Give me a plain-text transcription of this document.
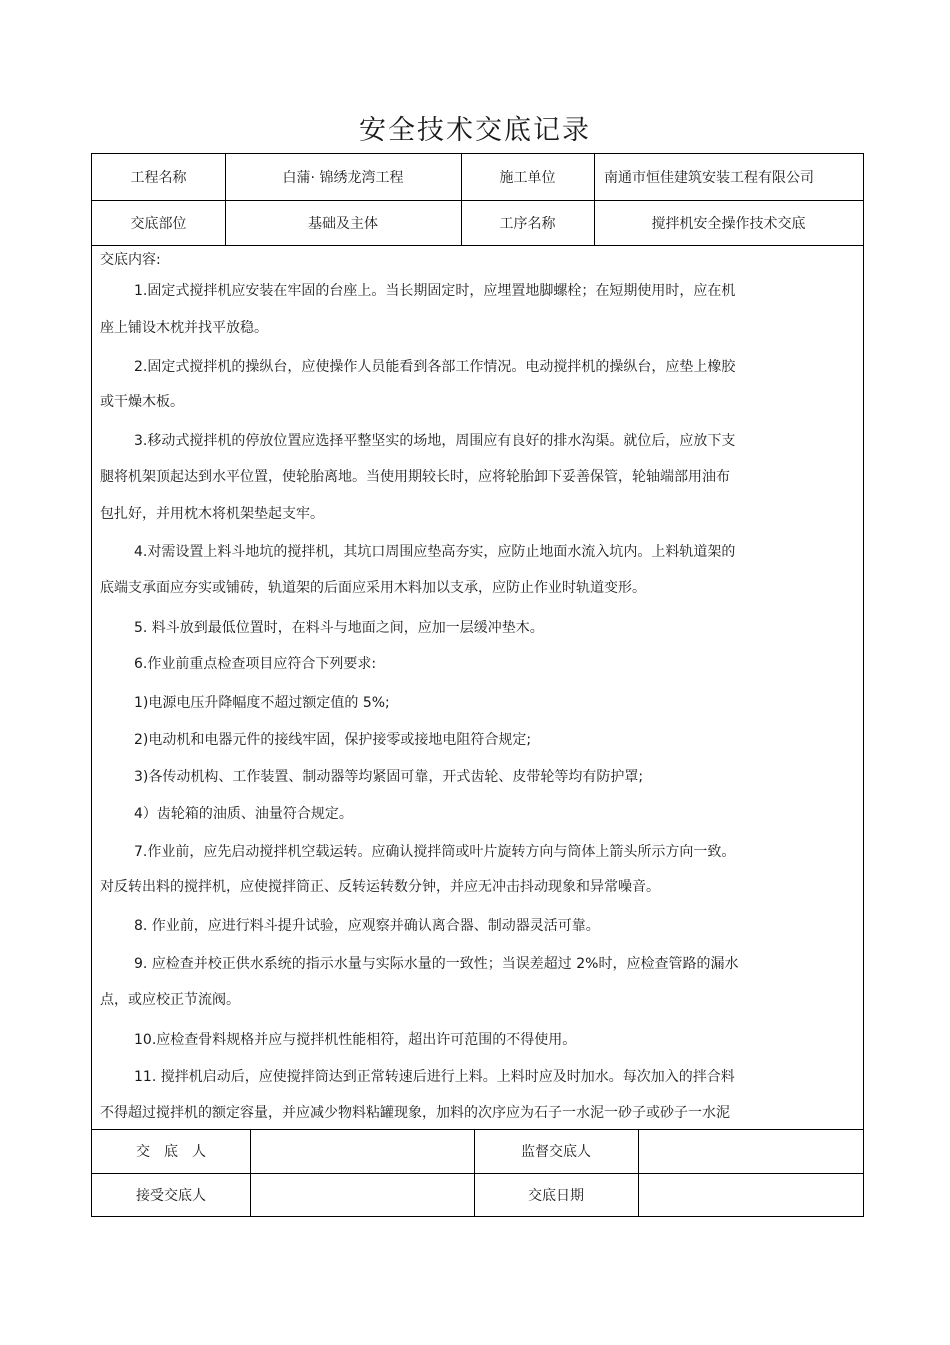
安全技术交底记录
工程名称	白蒲· 锦绣龙湾工程	施工单位	南通市恒佳建筑安装工程有限公司
交底部位	基础及主体	工序名称	搅拌机安全操作技术交底
交底内容:
1.固定式搅拌机应安装在牢固的台座上。当长期固定时，应埋置地脚螺栓；在短期使用时，应在机
座上铺设木枕并找平放稳。
2.固定式搅拌机的操纵台，应使操作人员能看到各部工作情况。电动搅拌机的操纵台，应垫上橡胶
或干燥木板。
3.移动式搅拌机的停放位置应选择平整坚实的场地，周围应有良好的排水沟渠。就位后，应放下支
腿将机架顶起达到水平位置，使轮胎离地。当使用期较长时，应将轮胎卸下妥善保管，轮轴端部用油布
包扎好，并用枕木将机架垫起支牢。
4.对需设置上料斗地坑的搅拌机，其坑口周围应垫高夯实，应防止地面水流入坑内。上料轨道架的
底端支承面应夯实或铺砖，轨道架的后面应采用木料加以支承，应防止作业时轨道变形。
5. 料斗放到最低位置时，在料斗与地面之间，应加一层缓冲垫木。
6.作业前重点检查项目应符合下列要求:
1)电源电压升降幅度不超过额定值的 5%;
2)电动机和电器元件的接线牢固，保护接零或接地电阻符合规定;
3)各传动机构、工作装置、制动器等均紧固可靠，开式齿轮、皮带轮等均有防护罩;
4）齿轮箱的油质、油量符合规定。
7.作业前，应先启动搅拌机空载运转。应确认搅拌筒或叶片旋转方向与筒体上箭头所示方向一致。
对反转出料的搅拌机，应使搅拌筒正、反转运转数分钟，并应无冲击抖动现象和异常噪音。
8. 作业前，应进行料斗提升试验，应观察并确认离合器、制动器灵活可靠。
9. 应检查并校正供水系统的指示水量与实际水量的一致性；当误差超过 2%时，应检查管路的漏水
点，或应校正节流阀。
10.应检查骨料规格并应与搅拌机性能相符，超出许可范围的不得使用。
11. 搅拌机启动后，应使搅拌筒达到正常转速后进行上料。上料时应及时加水。每次加入的拌合料
不得超过搅拌机的额定容量，并应减少物料粘罐现象，加料的次序应为石子一水泥一砂子或砂子一水泥
交　底　人	监督交底人
接受交底人	交底日期
